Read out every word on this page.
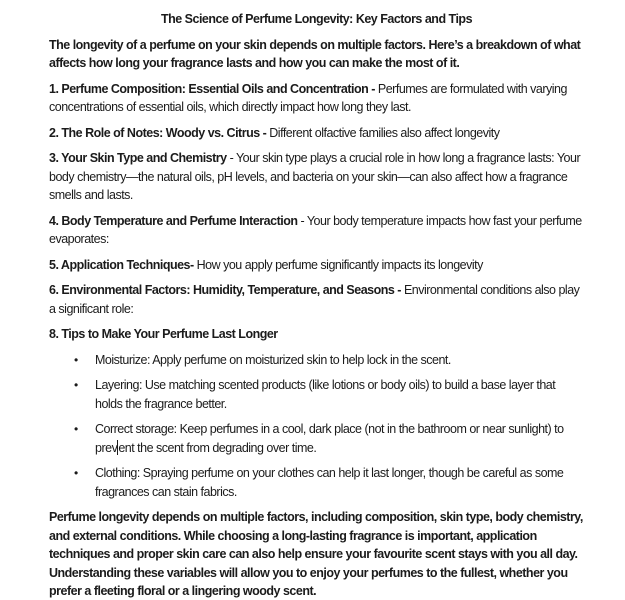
The Science of Perfume Longevity: Key Factors and Tips

The longevity of a perfume on your skin depends on multiple factors. Here’s a breakdown of what affects how long your fragrance lasts and how you can make the most of it.

1. Perfume Composition: Essential Oils and Concentration - Perfumes are formulated with varying concentrations of essential oils, which directly impact how long they last.

2. The Role of Notes: Woody vs. Citrus - Different olfactive families also affect longevity

3. Your Skin Type and Chemistry - Your skin type plays a crucial role in how long a fragrance lasts: Your body chemistry—the natural oils, pH levels, and bacteria on your skin—can also affect how a fragrance smells and lasts.

4. Body Temperature and Perfume Interaction - Your body temperature impacts how fast your perfume evaporates:

5. Application Techniques- How you apply perfume significantly impacts its longevity

6. Environmental Factors: Humidity, Temperature, and Seasons - Environmental conditions also play a significant role:

8. Tips to Make Your Perfume Last Longer

• Moisturize: Apply perfume on moisturized skin to help lock in the scent.
• Layering: Use matching scented products (like lotions or body oils) to build a base layer that holds the fragrance better.
• Correct storage: Keep perfumes in a cool, dark place (not in the bathroom or near sunlight) to prevent the scent from degrading over time.
• Clothing: Spraying perfume on your clothes can help it last longer, though be careful as some fragrances can stain fabrics.

Perfume longevity depends on multiple factors, including composition, skin type, body chemistry, and external conditions. While choosing a long-lasting fragrance is important, application techniques and proper skin care can also help ensure your favourite scent stays with you all day. Understanding these variables will allow you to enjoy your perfumes to the fullest, whether you prefer a fleeting floral or a lingering woody scent.
